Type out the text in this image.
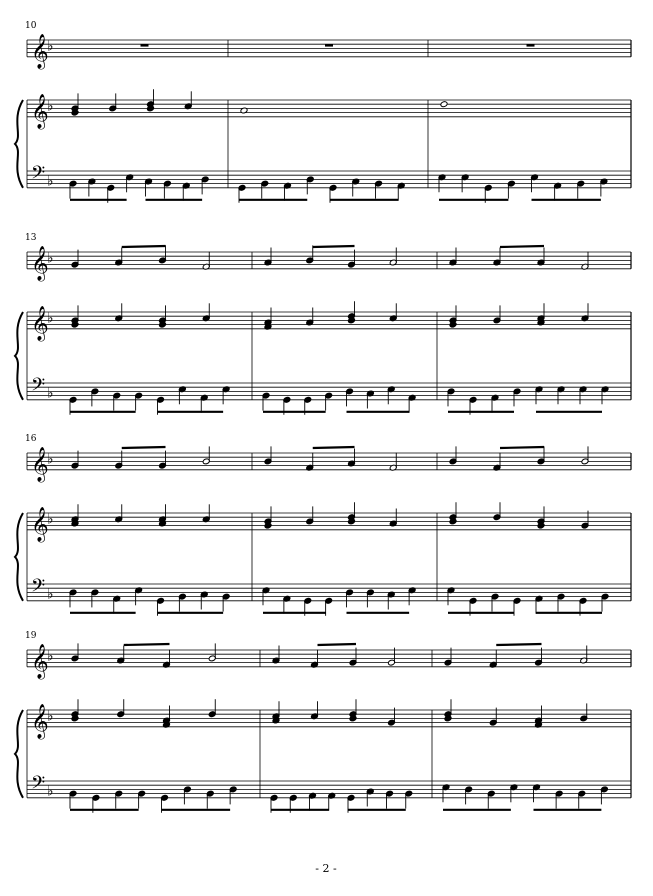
10
𝄞
♭
𝄞
♭
𝄢 ♭
13
𝄞
♭
𝄞
♭
𝄢 ♭
16
𝄞
♭
𝄞
♭
𝄢 ♭
19
𝄞
♭
𝄞
♭
𝄢 ♭
- 2 -
